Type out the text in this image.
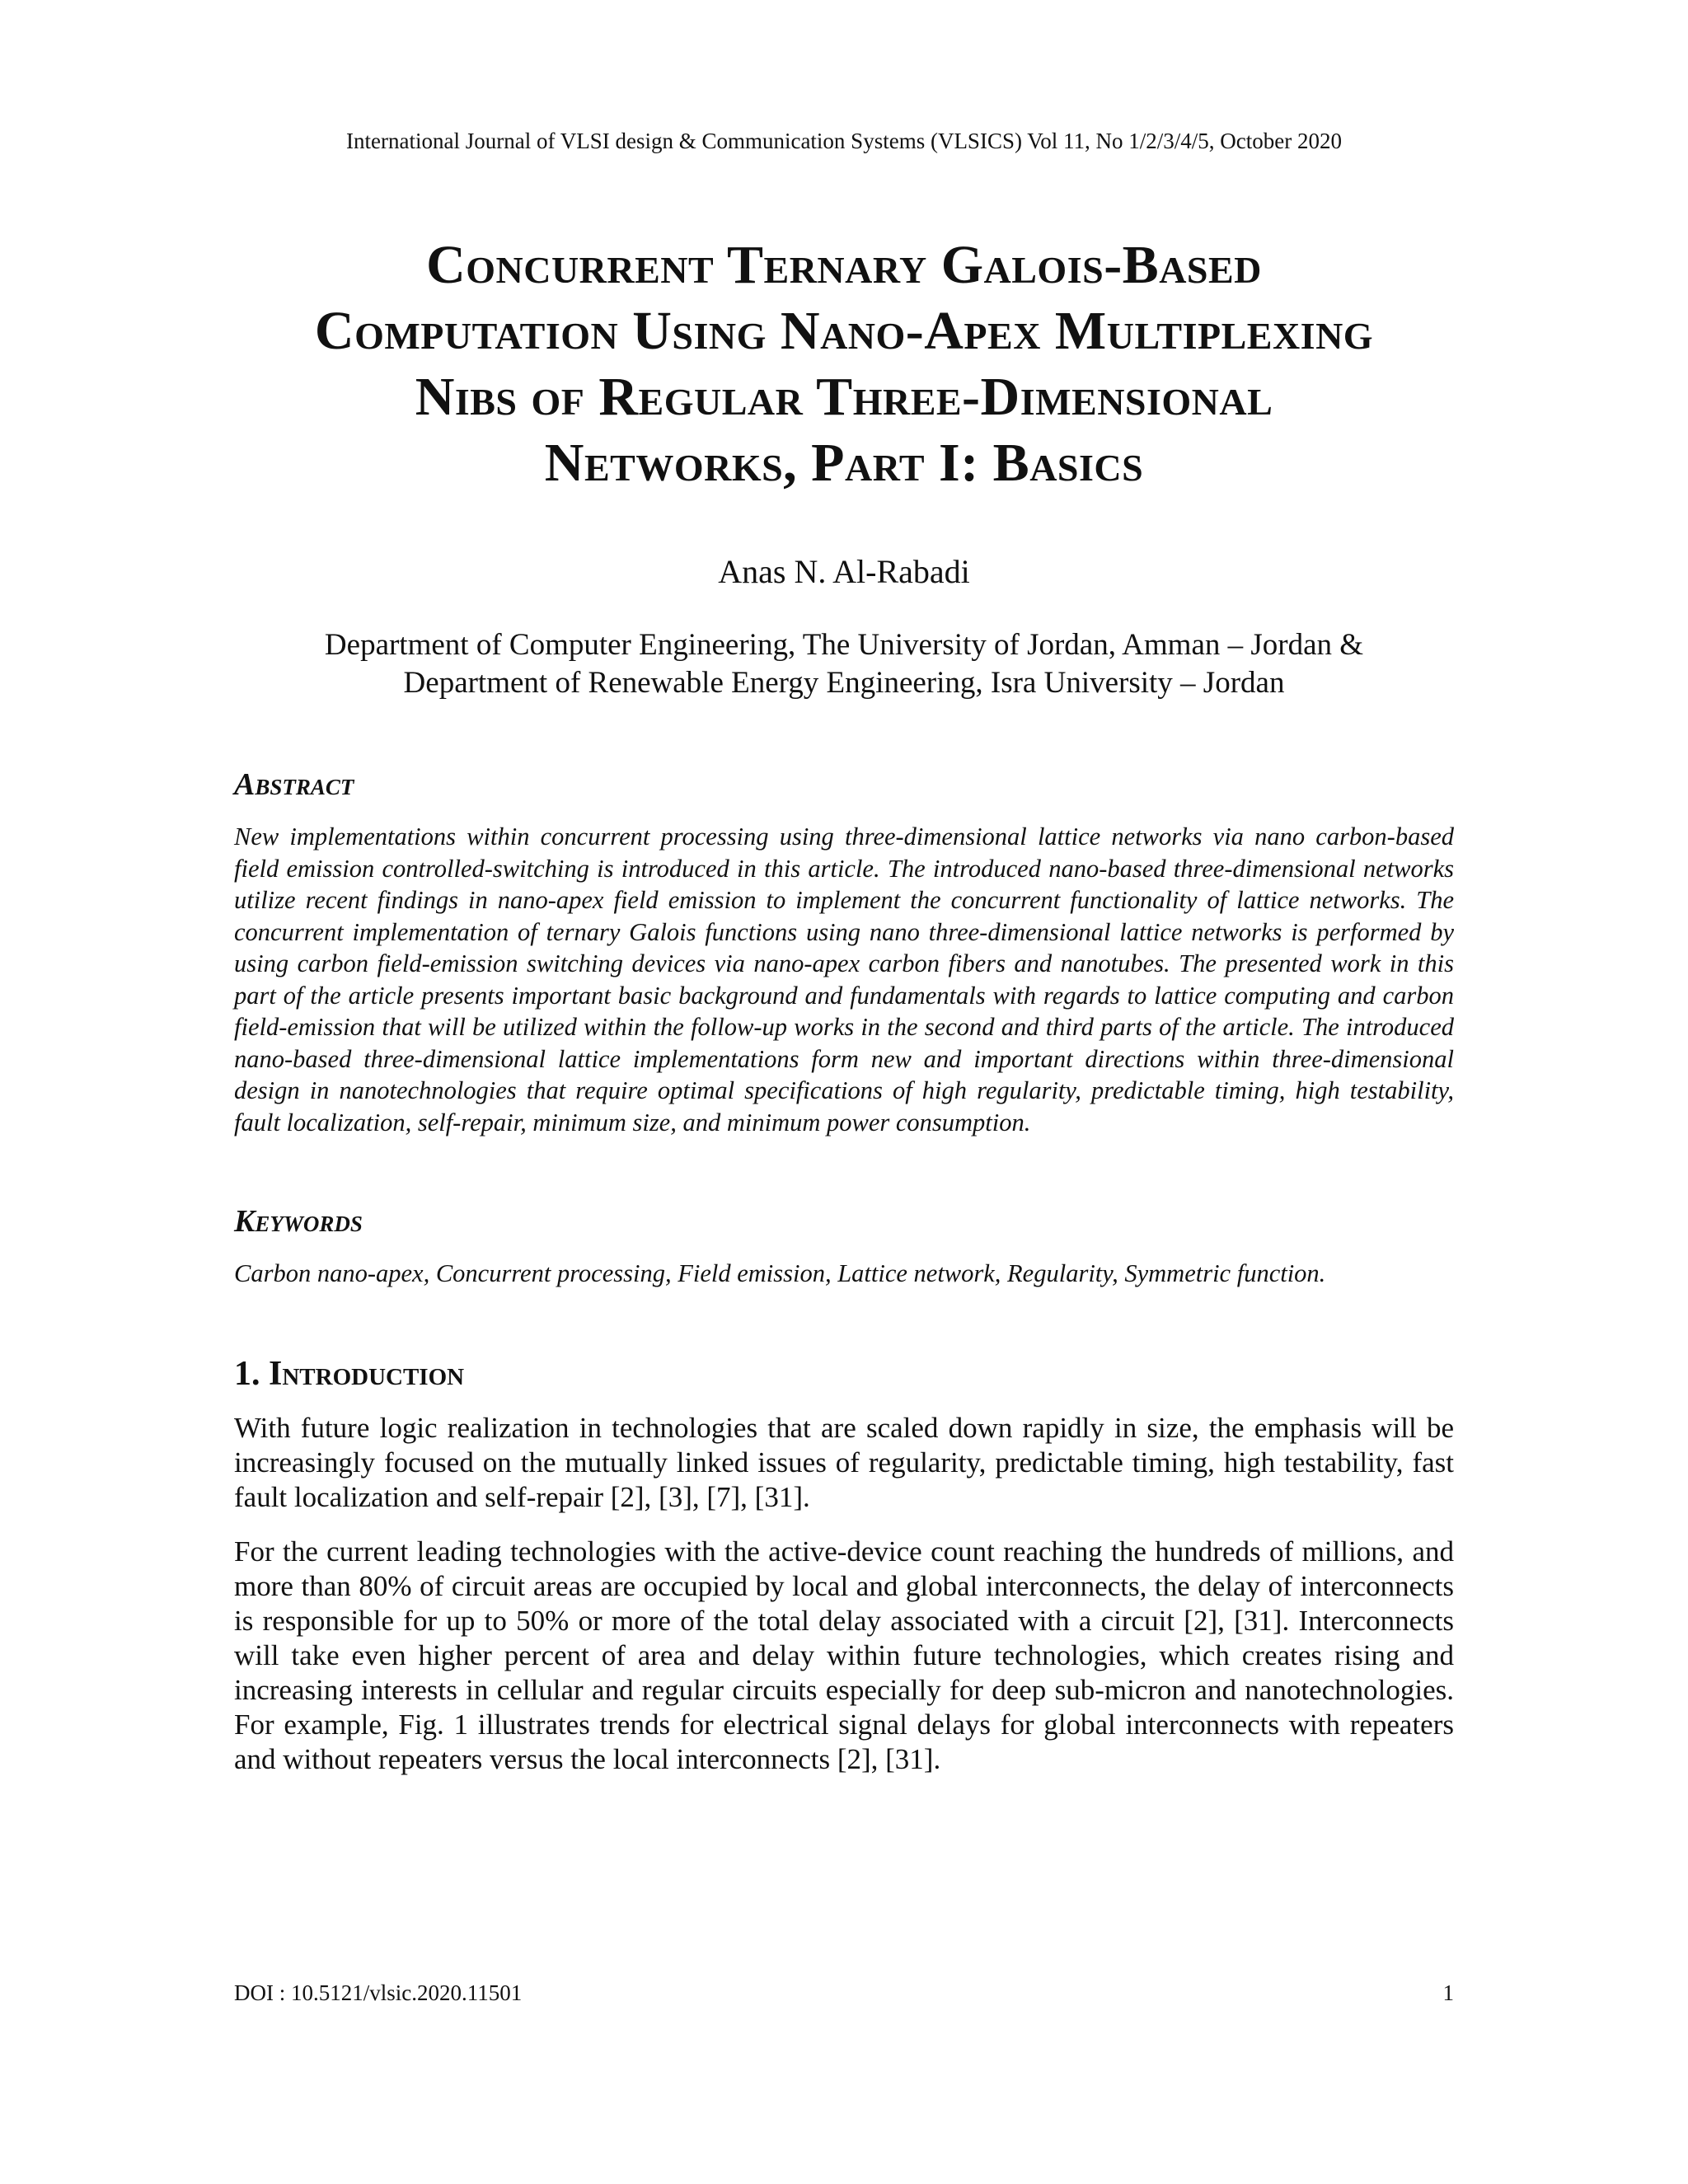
International Journal of VLSI design & Communication Systems (VLSICS) Vol 11, No 1/2/3/4/5, October 2020
Concurrent Ternary Galois-Based
Computation Using Nano-Apex Multiplexing
Nibs of Regular Three-Dimensional
Networks, Part I: Basics
Anas N. Al-Rabadi
Department of Computer Engineering, The University of Jordan, Amman – Jordan &
Department of Renewable Energy Engineering, Isra University – Jordan
Abstract

New implementations within concurrent processing using three-dimensional lattice networks via nano carbon-based field emission controlled-switching is introduced in this article. The introduced nano-based three-dimensional networks utilize recent findings in nano-apex field emission to implement the concurrent functionality of lattice networks. The concurrent implementation of ternary Galois functions using nano three-dimensional lattice networks is performed by using carbon field-emission switching devices via nano-apex carbon fibers and nanotubes. The presented work in this part of the article presents important basic background and fundamentals with regards to lattice computing and carbon field-emission that will be utilized within the follow-up works in the second and third parts of the article. The introduced nano-based three-dimensional lattice implementations form new and important directions within three-dimensional design in nanotechnologies that require optimal specifications of high regularity, predictable timing, high testability, fault localization, self-repair, minimum size, and minimum power consumption.

Keywords

Carbon nano-apex, Concurrent processing, Field emission, Lattice network, Regularity, Symmetric function.

1. Introduction

With future logic realization in technologies that are scaled down rapidly in size, the emphasis will be increasingly focused on the mutually linked issues of regularity, predictable timing, high testability, fast fault localization and self-repair [2], [3], [7], [31].

For the current leading technologies with the active-device count reaching the hundreds of millions, and more than 80% of circuit areas are occupied by local and global interconnects, the delay of interconnects is responsible for up to 50% or more of the total delay associated with a circuit [2], [31]. Interconnects will take even higher percent of area and delay within future technologies, which creates rising and increasing interests in cellular and regular circuits especially for deep sub-micron and nanotechnologies. For example, Fig. 1 illustrates trends for electrical signal delays for global interconnects with repeaters and without repeaters versus the local interconnects [2], [31].

DOI : 10.5121/vlsic.2020.11501	1
